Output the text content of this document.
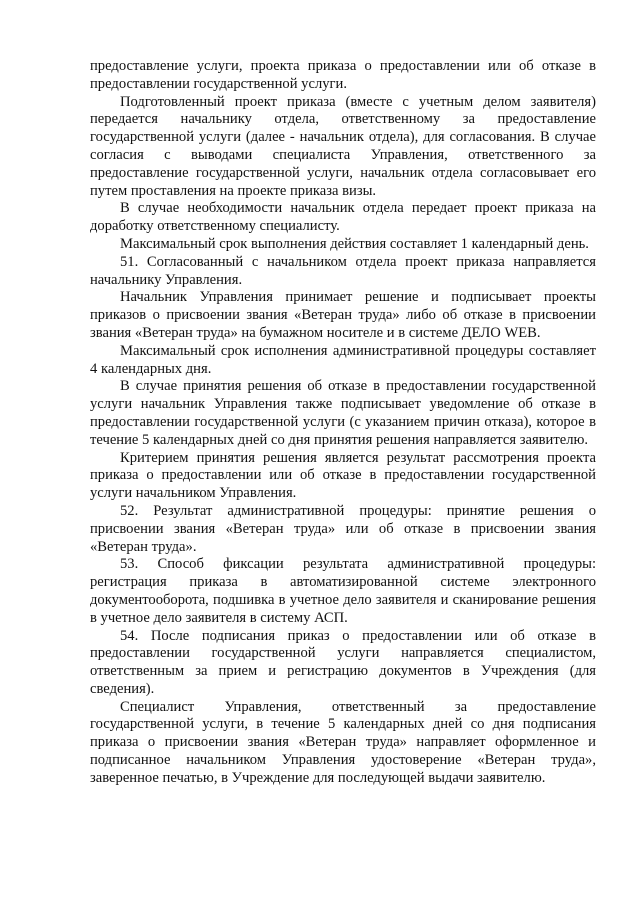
предоставление услуги, проекта приказа о предоставлении или об отказе в предоставлении государственной услуги.

Подготовленный проект приказа (вместе с учетным делом заявителя) передается начальнику отдела, ответственному за предоставление государственной услуги (далее - начальник отдела), для согласования. В случае согласия с выводами специалиста Управления, ответственного за предоставление государственной услуги, начальник отдела согласовывает его путем проставления на проекте приказа визы.

В случае необходимости начальник отдела передает проект приказа на доработку ответственному специалисту.

Максимальный срок выполнения действия составляет 1 календарный день.

51. Согласованный с начальником отдела проект приказа направляется начальнику Управления.

Начальник Управления принимает решение и подписывает проекты приказов о присвоении звания «Ветеран труда» либо об отказе в присвоении звания «Ветеран труда» на бумажном носителе и в системе ДЕЛО WEB.

Максимальный срок исполнения административной процедуры составляет 4 календарных дня.

В случае принятия решения об отказе в предоставлении государственной услуги начальник Управления также подписывает уведомление об отказе в предоставлении государственной услуги (с указанием причин отказа), которое в течение 5 календарных дней со дня принятия решения направляется заявителю.

Критерием принятия решения является результат рассмотрения проекта приказа о предоставлении или об отказе в предоставлении государственной услуги начальником Управления.

52. Результат административной процедуры: принятие решения о присвоении звания «Ветеран труда» или об отказе в присвоении звания «Ветеран труда».

53. Способ фиксации результата административной процедуры: регистрация приказа в автоматизированной системе электронного документооборота, подшивка в учетное дело заявителя и сканирование решения в учетное дело заявителя в систему АСП.

54. После подписания приказ о предоставлении или об отказе в предоставлении государственной услуги направляется специалистом, ответственным за прием и регистрацию документов в Учреждения (для сведения).

Специалист Управления, ответственный за предоставление государственной услуги, в течение 5 календарных дней со дня подписания приказа о присвоении звания «Ветеран труда» направляет оформленное и подписанное начальником Управления удостоверение «Ветеран труда», заверенное печатью, в Учреждение для последующей выдачи заявителю.
